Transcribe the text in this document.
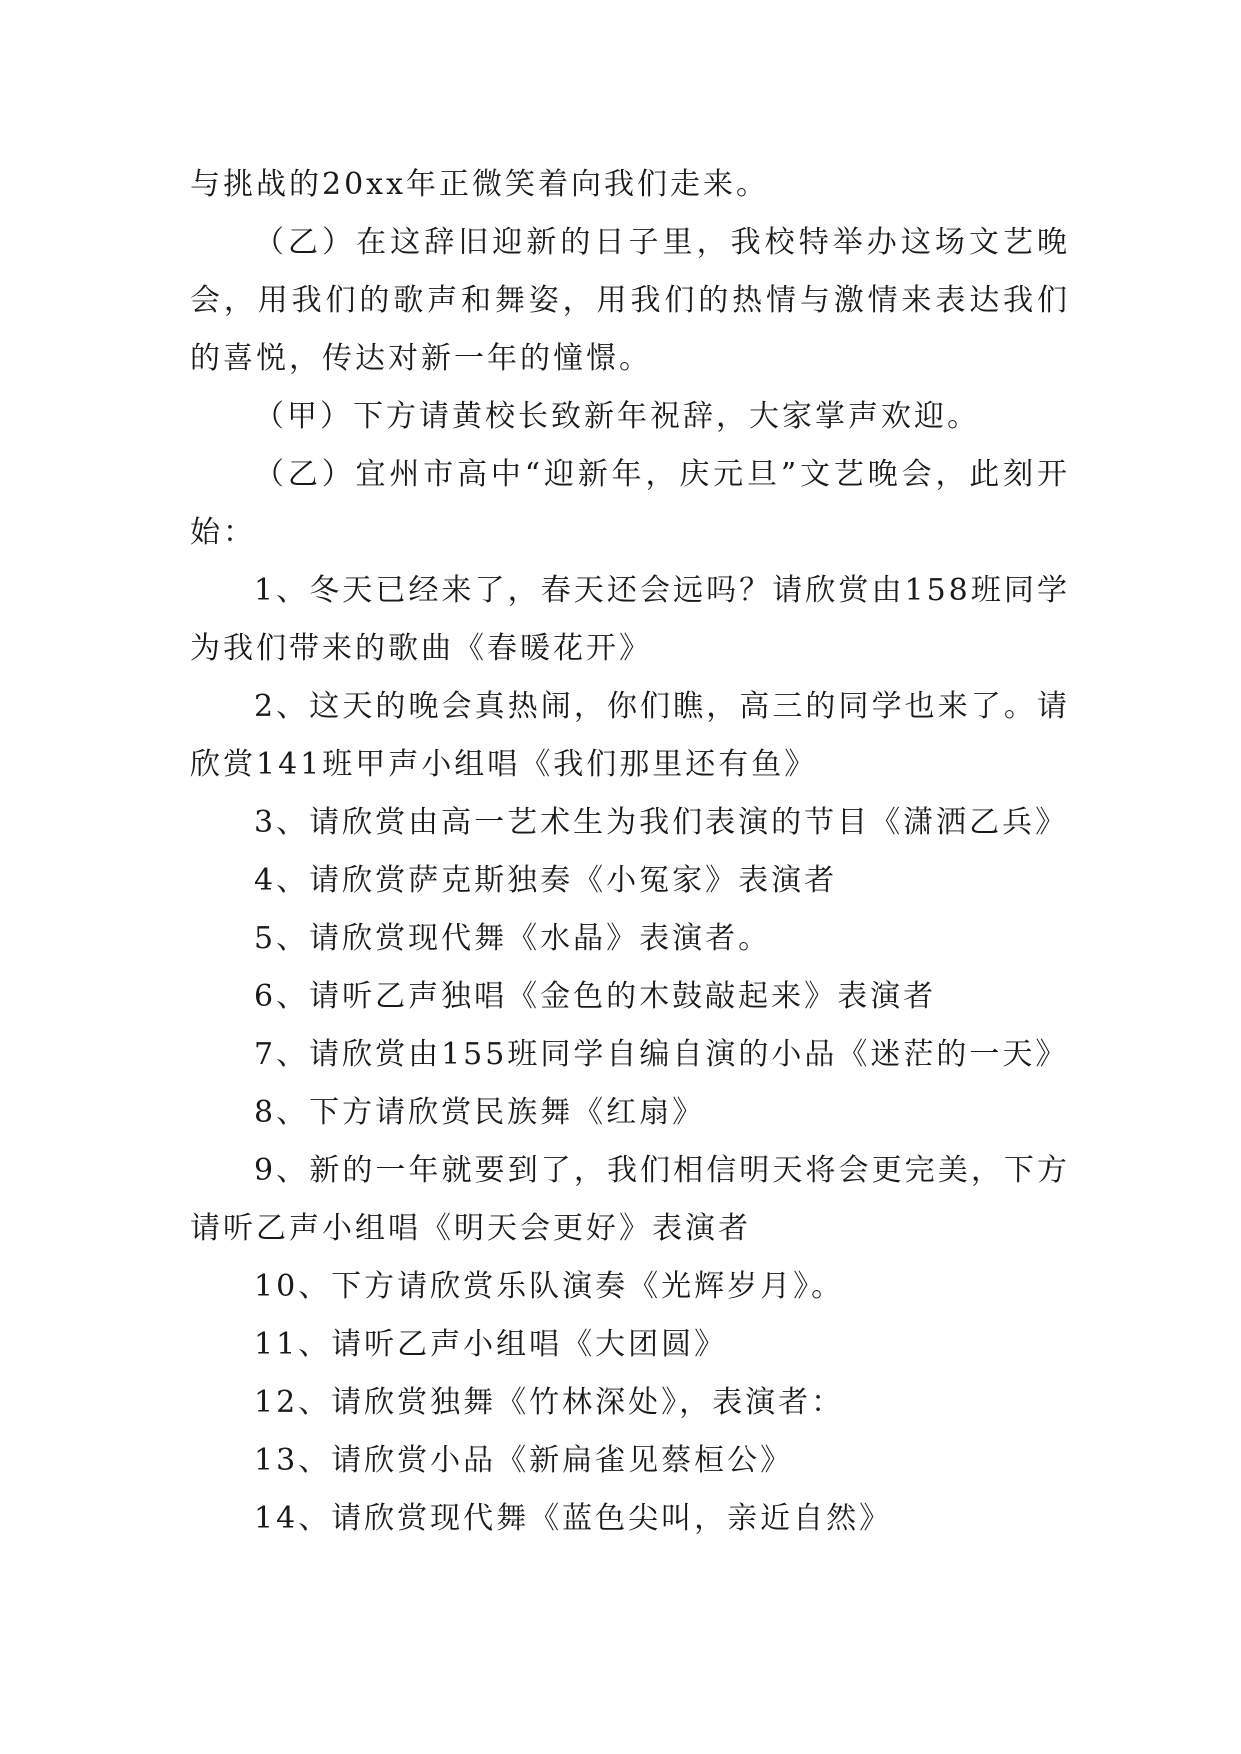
与挑战的20xx年正微笑着向我们走来。

（乙）在这辞旧迎新的日子里，我校特举办这场文艺晚会，用我们的歌声和舞姿，用我们的热情与激情来表达我们的喜悦，传达对新一年的憧憬。

（甲）下方请黄校长致新年祝辞，大家掌声欢迎。

（乙）宜州市高中“迎新年，庆元旦”文艺晚会，此刻开始：

1、冬天已经来了，春天还会远吗？请欣赏由158班同学为我们带来的歌曲《春暖花开》

2、这天的晚会真热闹，你们瞧，高三的同学也来了。请欣赏141班甲声小组唱《我们那里还有鱼》

3、请欣赏由高一艺术生为我们表演的节目《潇洒乙兵》

4、请欣赏萨克斯独奏《小冤家》表演者

5、请欣赏现代舞《水晶》表演者。

6、请听乙声独唱《金色的木鼓敲起来》表演者

7、请欣赏由155班同学自编自演的小品《迷茫的一天》

8、下方请欣赏民族舞《红扇》

9、新的一年就要到了，我们相信明天将会更完美，下方请听乙声小组唱《明天会更好》表演者

10、下方请欣赏乐队演奏《光辉岁月》。

11、请听乙声小组唱《大团圆》

12、请欣赏独舞《竹林深处》，表演者：

13、请欣赏小品《新扁雀见蔡桓公》

14、请欣赏现代舞《蓝色尖叫，亲近自然》
